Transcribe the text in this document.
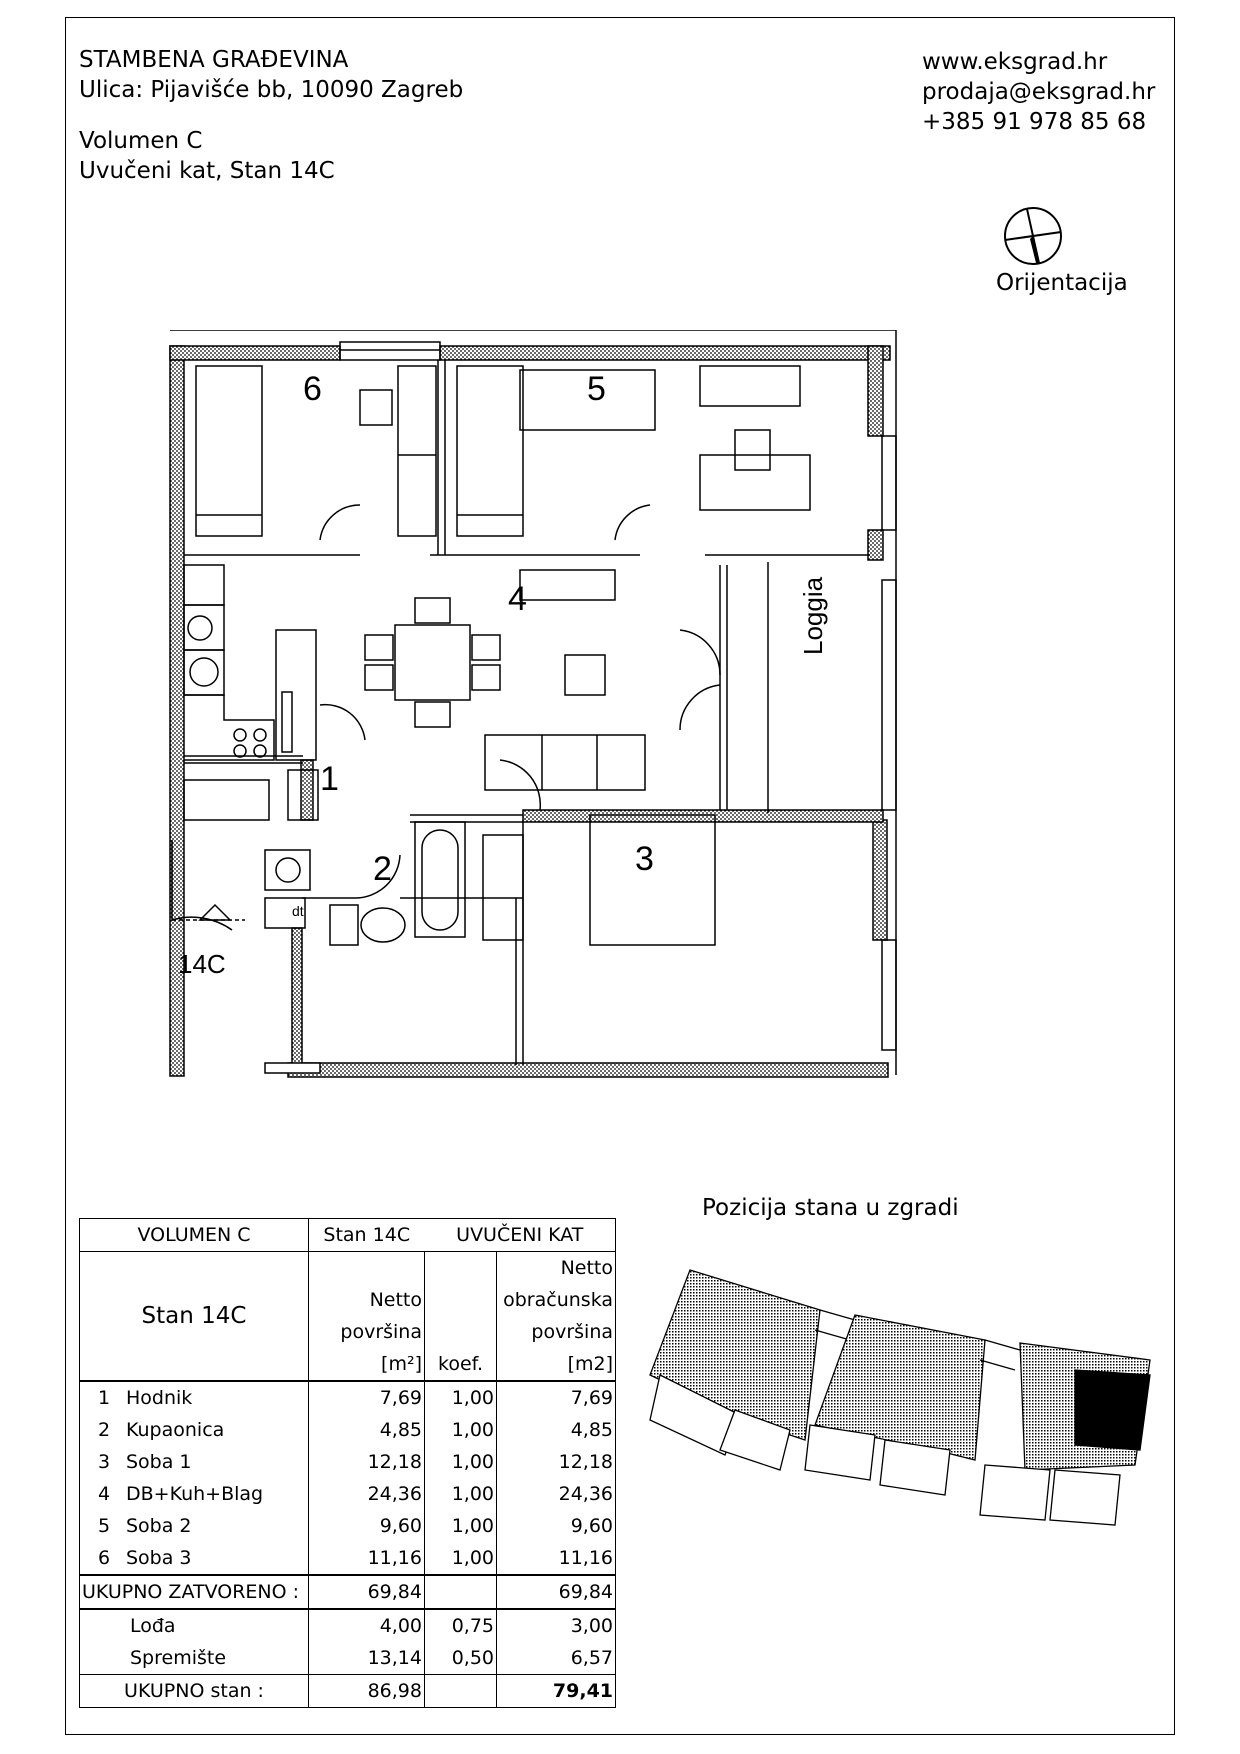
STAMBENA GRAĐEVINA
Ulica: Pijavišće bb, 10090 Zagreb
Volumen C
Uvučeni kat, Stan 14C
www.eksgrad.hr
prodaja@eksgrad.hr
+385 91 978 85 68
Orijentacija
1
2	3
4
5
6
Loggia
14C
dt
VOLUMEN C	Stan 14C	UVUČENI KAT	
Stan 14C			Netto
	Netto		obračunska
	površina		površina
	[m²]	koef.	[m2]
1 Hodnik	7,69	1,00	7,69
2 Kupaonica	4,85	1,00	4,85
3 Soba 1	12,18	1,00	12,18
4 DB+Kuh+Blag	24,36	1,00	24,36
5 Soba 2	9,60	1,00	9,60
6 Soba 3	11,16	1,00	11,16
UKUPNO ZATVORENO :	69,84		69,84
Lođa	4,00	0,75	3,00
Spremište	13,14	0,50	6,57
UKUPNO stan :	86,98		79,41
Pozicija stana u zgradi
